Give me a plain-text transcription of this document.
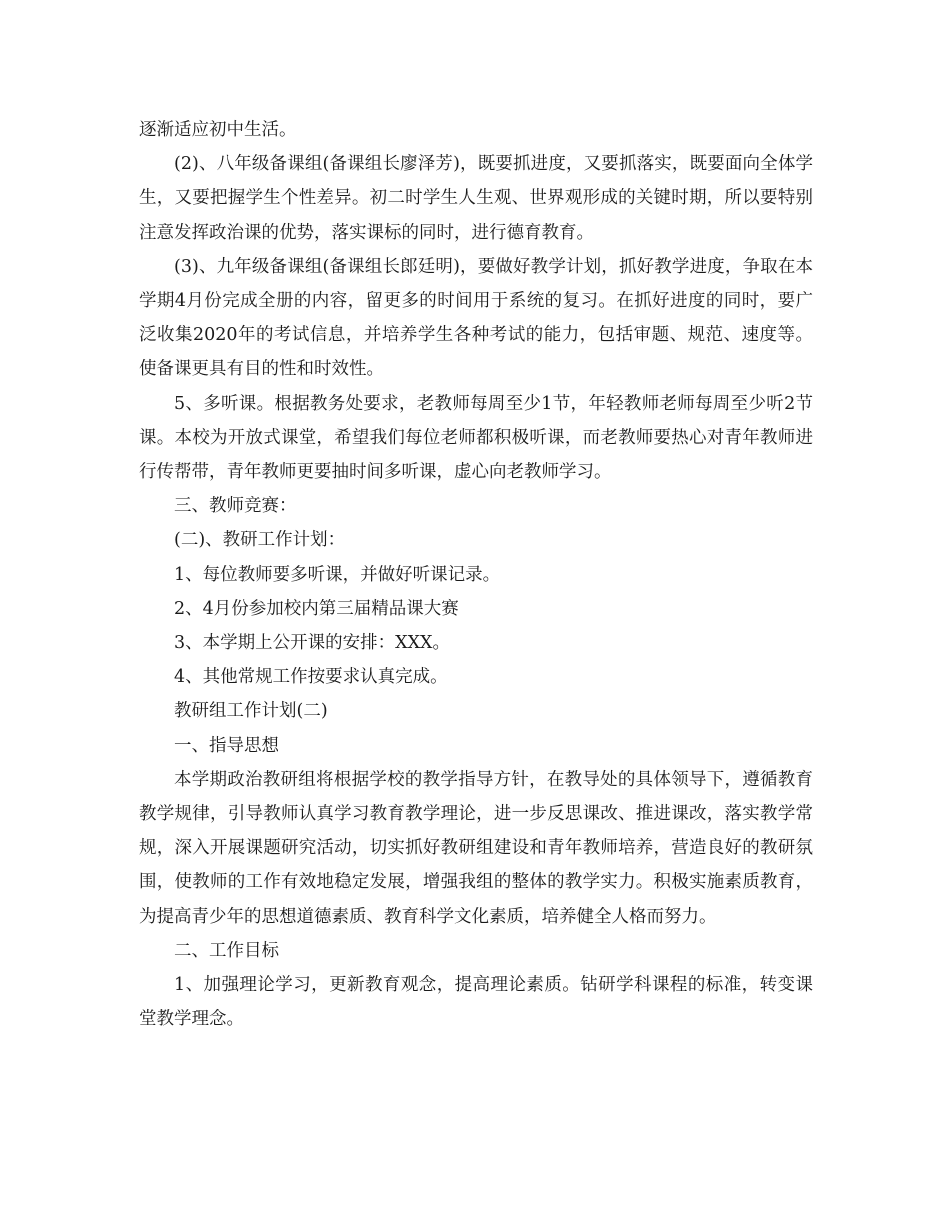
逐渐适应初中生活。

(2)、八年级备课组(备课组长廖泽芳)，既要抓进度，又要抓落实，既要面向全体学生，又要把握学生个性差异。初二时学生人生观、世界观形成的关键时期，所以要特别注意发挥政治课的优势，落实课标的同时，进行德育教育。

(3)、九年级备课组(备课组长郎廷明)，要做好教学计划，抓好教学进度，争取在本学期4月份完成全册的内容，留更多的时间用于系统的复习。在抓好进度的同时，要广泛收集2020年的考试信息，并培养学生各种考试的能力，包括审题、规范、速度等。使备课更具有目的性和时效性。

5、多听课。根据教务处要求，老教师每周至少1节，年轻教师老师每周至少听2节课。本校为开放式课堂，希望我们每位老师都积极听课，而老教师要热心对青年教师进行传帮带，青年教师更要抽时间多听课，虚心向老教师学习。

三、教师竞赛：

(二)、教研工作计划：

1、每位教师要多听课，并做好听课记录。

2、4月份参加校内第三届精品课大赛

3、本学期上公开课的安排：XXX。

4、其他常规工作按要求认真完成。

教研组工作计划(二)

一、指导思想

本学期政治教研组将根据学校的教学指导方针，在教导处的具体领导下，遵循教育教学规律，引导教师认真学习教育教学理论，进一步反思课改、推进课改，落实教学常规，深入开展课题研究活动，切实抓好教研组建设和青年教师培养，营造良好的教研氛围，使教师的工作有效地稳定发展，增强我组的整体的教学实力。积极实施素质教育，为提高青少年的思想道德素质、教育科学文化素质，培养健全人格而努力。

二、工作目标

1、加强理论学习，更新教育观念，提高理论素质。钻研学科课程的标准，转变课堂教学理念。
